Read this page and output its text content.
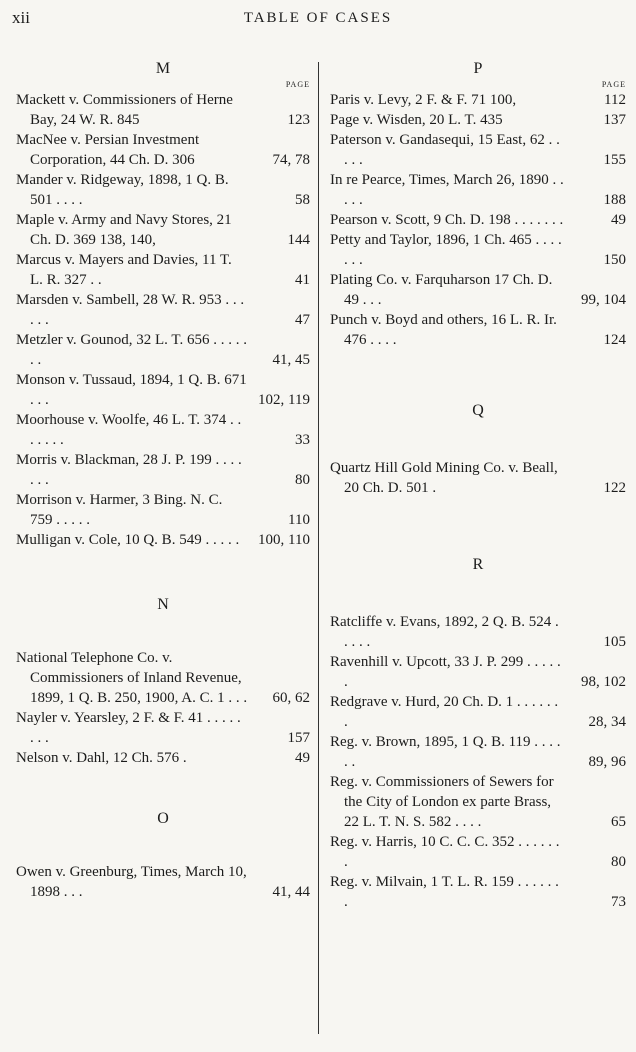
xii	TABLE OF CASES
M
PAGE
Mackett v. Commissioners of Herne Bay, 24 W. R. 845	123
MacNee v. Persian Investment Corporation, 44 Ch. D. 306	74, 78
Mander v. Ridgeway, 1898, 1 Q. B. 501 . . . .	58
Maple v. Army and Navy Stores, 21 Ch. D. 369 138, 140,	144
Marcus v. Mayers and Davies, 11 T. L. R. 327 . .	41
Marsden v. Sambell, 28 W. R. 953 . . . . . .	47
Metzler v. Gounod, 32 L. T. 656 . . . . . . .	41, 45
Monson v. Tussaud, 1894, 1 Q. B. 671 . . .	102, 119
Moorhouse v. Woolfe, 46 L. T. 374 . . . . . . .	33
Morris v. Blackman, 28 J. P. 199 . . . . . . .	80
Morrison v. Harmer, 3 Bing. N. C. 759 . . . . .	110
Mulligan v. Cole, 10 Q. B. 549 . . . . .	100, 110
N
National Telephone Co. v. Commissioners of Inland Revenue, 1899, 1 Q. B. 250, 1900, A. C. 1 . . .	60, 62
Nayler v. Yearsley, 2 F. & F. 41 . . . . . . . .	157
Nelson v. Dahl, 12 Ch. 576 .	49
O
Owen v. Greenburg, Times, March 10, 1898 . . .	41, 44
P
PAGE
Paris v. Levy, 2 F. & F. 71 100,	112
Page v. Wisden, 20 L. T. 435	137
Paterson v. Gandasequi, 15 East, 62 . . . . .	155
In re Pearce, Times, March 26, 1890 . . . . .	188
Pearson v. Scott, 9 Ch. D. 198 . . . . . . .	49
Petty and Taylor, 1896, 1 Ch. 465 . . . . . . .	150
Plating Co. v. Farquharson 17 Ch. D. 49 . . .	99, 104
Punch v. Boyd and others, 16 L. R. Ir. 476 . . . .	124
Q
Quartz Hill Gold Mining Co. v. Beall, 20 Ch. D. 501 .	122
R
Ratcliffe v. Evans, 1892, 2 Q. B. 524 . . . . .	105
Ravenhill v. Upcott, 33 J. P. 299 . . . . . .	98, 102
Redgrave v. Hurd, 20 Ch. D. 1 . . . . . . .	28, 34
Reg. v. Brown, 1895, 1 Q. B. 119 . . . . . .	89, 96
Reg. v. Commissioners of Sewers for the City of London ex parte Brass, 22 L. T. N. S. 582 . . . .	65
Reg. v. Harris, 10 C. C. C. 352 . . . . . . .	80
Reg. v. Milvain, 1 T. L. R. 159 . . . . . . .	73
